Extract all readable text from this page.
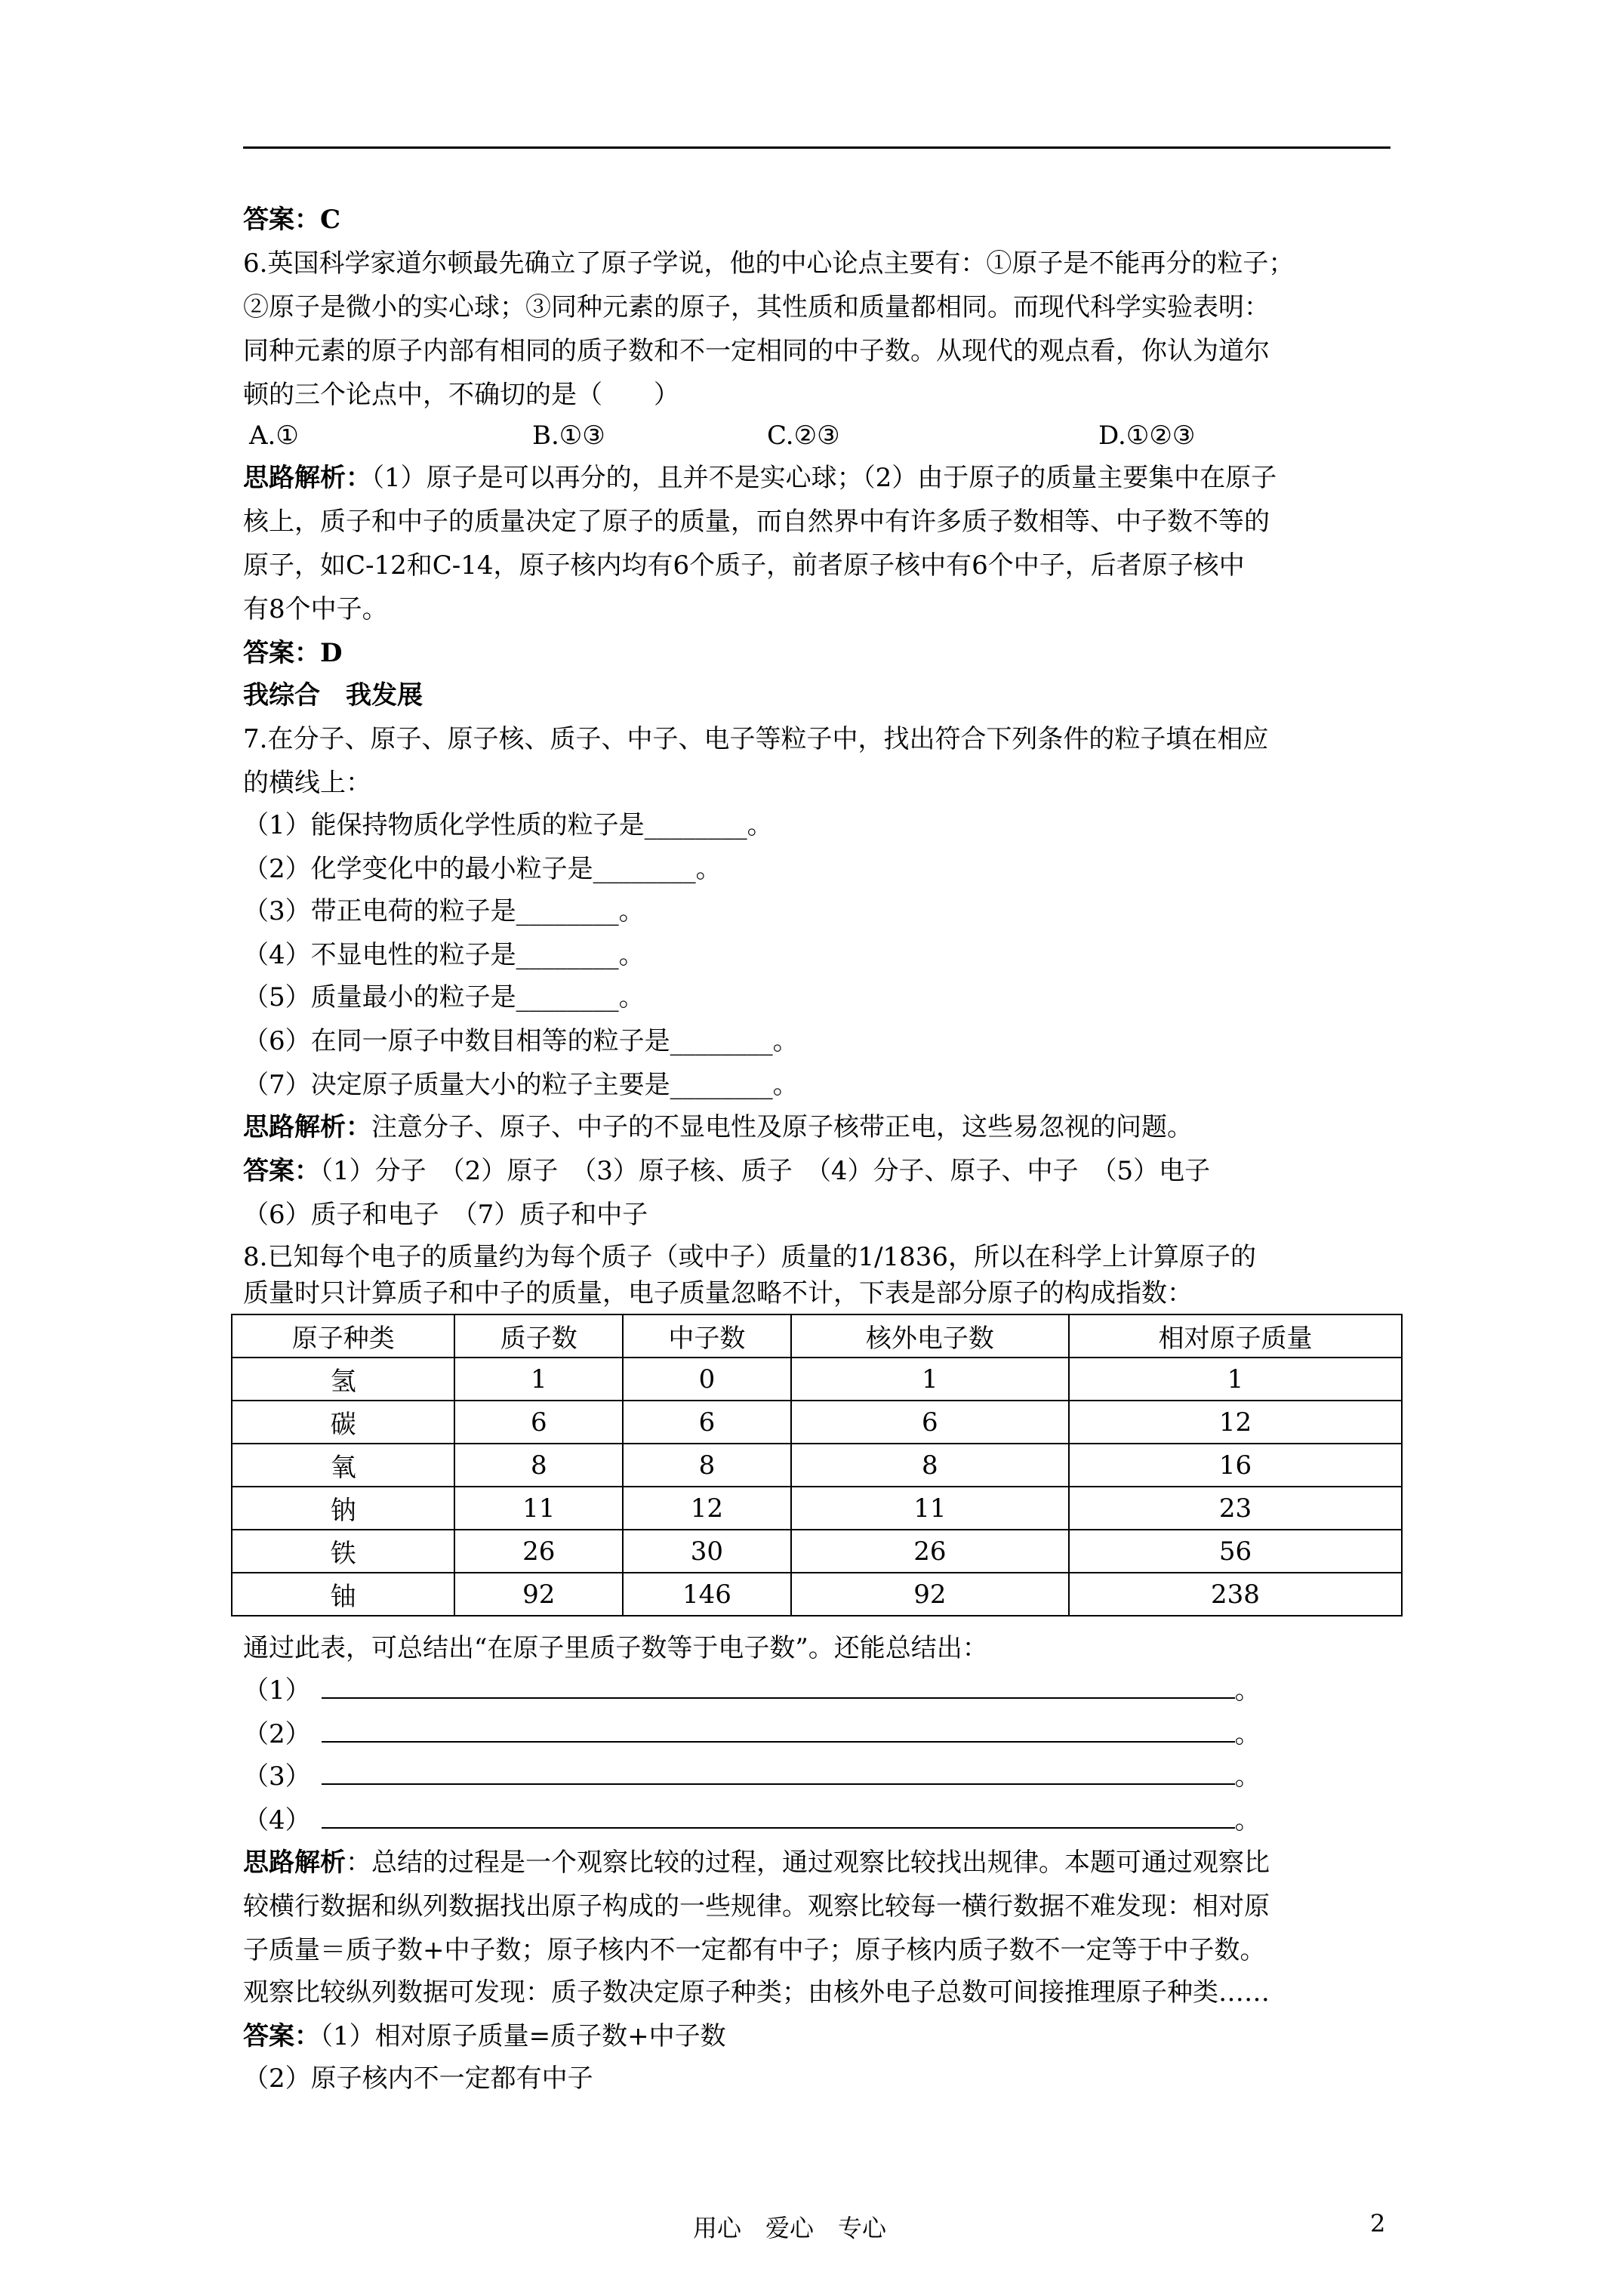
答案：C
6.英国科学家道尔顿最先确立了原子学说，他的中心论点主要有：①原子是不能再分的粒子；
②原子是微小的实心球；③同种元素的原子，其性质和质量都相同。而现代科学实验表明：
同种元素的原子内部有相同的质子数和不一定相同的中子数。从现代的观点看，你认为道尔
顿的三个论点中，不确切的是（　　）
A.①	B.①③	C.②③	D.①②③
思路解析：（1）原子是可以再分的，且并不是实心球；（2）由于原子的质量主要集中在原子
核上，质子和中子的质量决定了原子的质量，而自然界中有许多质子数相等、中子数不等的
原子，如C-12和C-14，原子核内均有6个质子，前者原子核中有6个中子，后者原子核中
有8个中子。
答案：D
我综合　我发展
7.在分子、原子、原子核、质子、中子、电子等粒子中，找出符合下列条件的粒子填在相应
的横线上：
（1）能保持物质化学性质的粒子是________。
（2）化学变化中的最小粒子是________。
（3）带正电荷的粒子是________。
（4）不显电性的粒子是________。
（5）质量最小的粒子是________。
（6）在同一原子中数目相等的粒子是________。
（7）决定原子质量大小的粒子主要是________。
思路解析：注意分子、原子、中子的不显电性及原子核带正电，这些易忽视的问题。
答案：（1）分子　（2）原子　（3）原子核、质子　（4）分子、原子、中子　（5）电子
（6）质子和电子　（7）质子和中子
8.已知每个电子的质量约为每个质子（或中子）质量的1/1836，所以在科学上计算原子的
质量时只计算质子和中子的质量，电子质量忽略不计，下表是部分原子的构成指数：
原子种类	质子数	中子数	核外电子数	相对原子质量
氢	1	0	1	1
碳	6	6	6	12
氧	8	8	8	16
钠	11	12	11	23
铁	26	30	26	56
铀	92	146	92	238
通过此表，可总结出“在原子里质子数等于电子数”。还能总结出：
（1）	。
（2）	。
（3）	。
（4）	。
思路解析：总结的过程是一个观察比较的过程，通过观察比较找出规律。本题可通过观察比
较横行数据和纵列数据找出原子构成的一些规律。观察比较每一横行数据不难发现：相对原
子质量＝质子数+中子数；原子核内不一定都有中子；原子核内质子数不一定等于中子数。
观察比较纵列数据可发现：质子数决定原子种类；由核外电子总数可间接推理原子种类……
答案：（1）相对原子质量=质子数+中子数
（2）原子核内不一定都有中子
用心　爱心　专心	2
